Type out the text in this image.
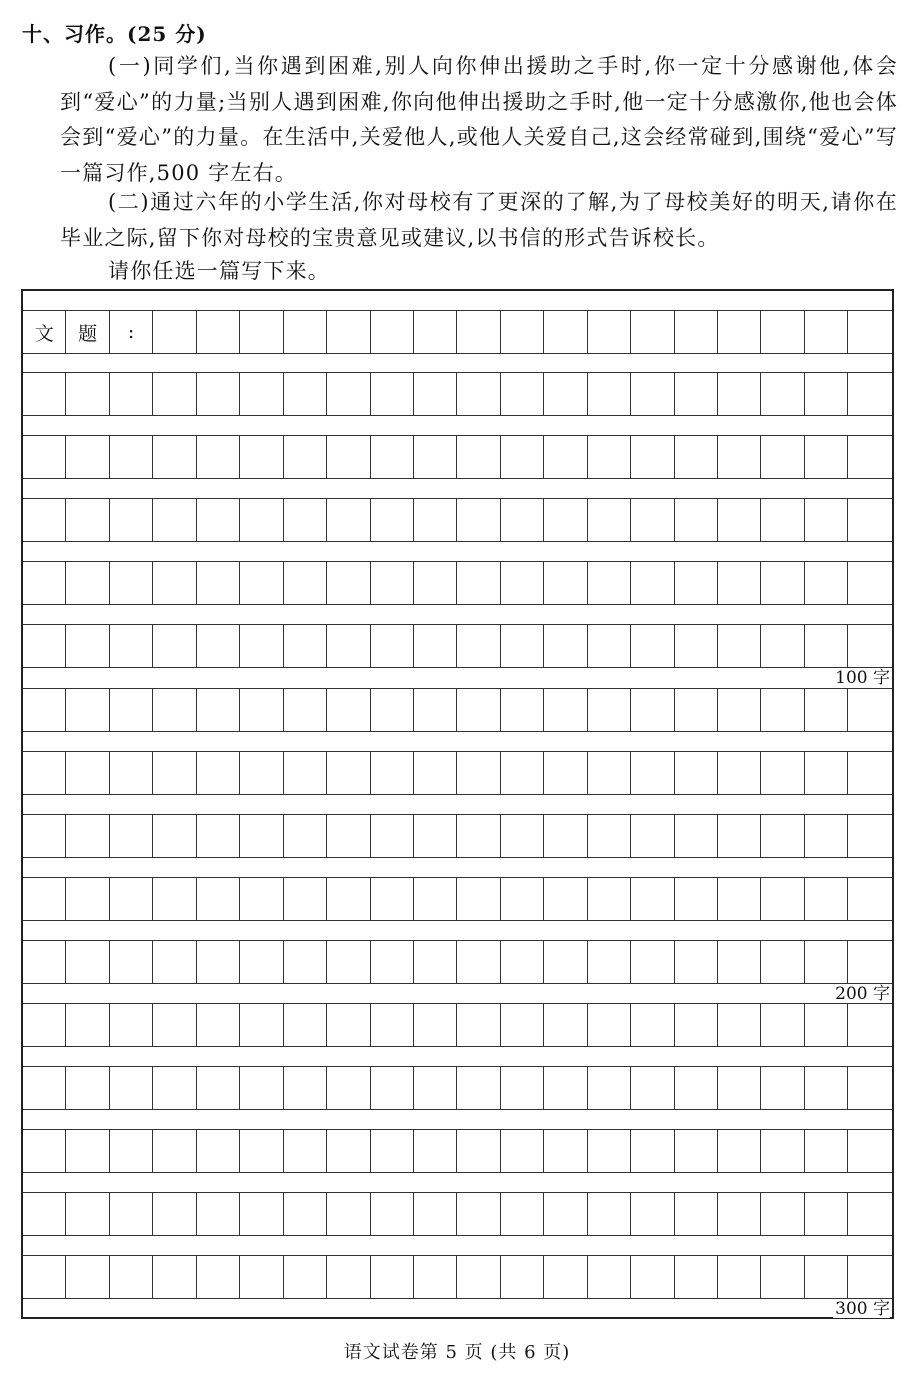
十、习作。(25 分)
(一)同学们,当你遇到困难,别人向你伸出援助之手时,你一定十分感谢他,体会到“爱心”的力量;当别人遇到困难,你向他伸出援助之手时,他一定十分感激你,他也会体会到“爱心”的力量。在生活中,关爱他人,或他人关爱自己,这会经常碰到,围绕“爱心”写一篇习作,500 字左右。
(二)通过六年的小学生活,你对母校有了更深的了解,为了母校美好的明天,请你在毕业之际,留下你对母校的宝贵意见或建议,以书信的形式告诉校长。
请你任选一篇写下来。
文	题	:
100 字
200 字
300 字
语文试卷第 5 页 (共 6 页)
